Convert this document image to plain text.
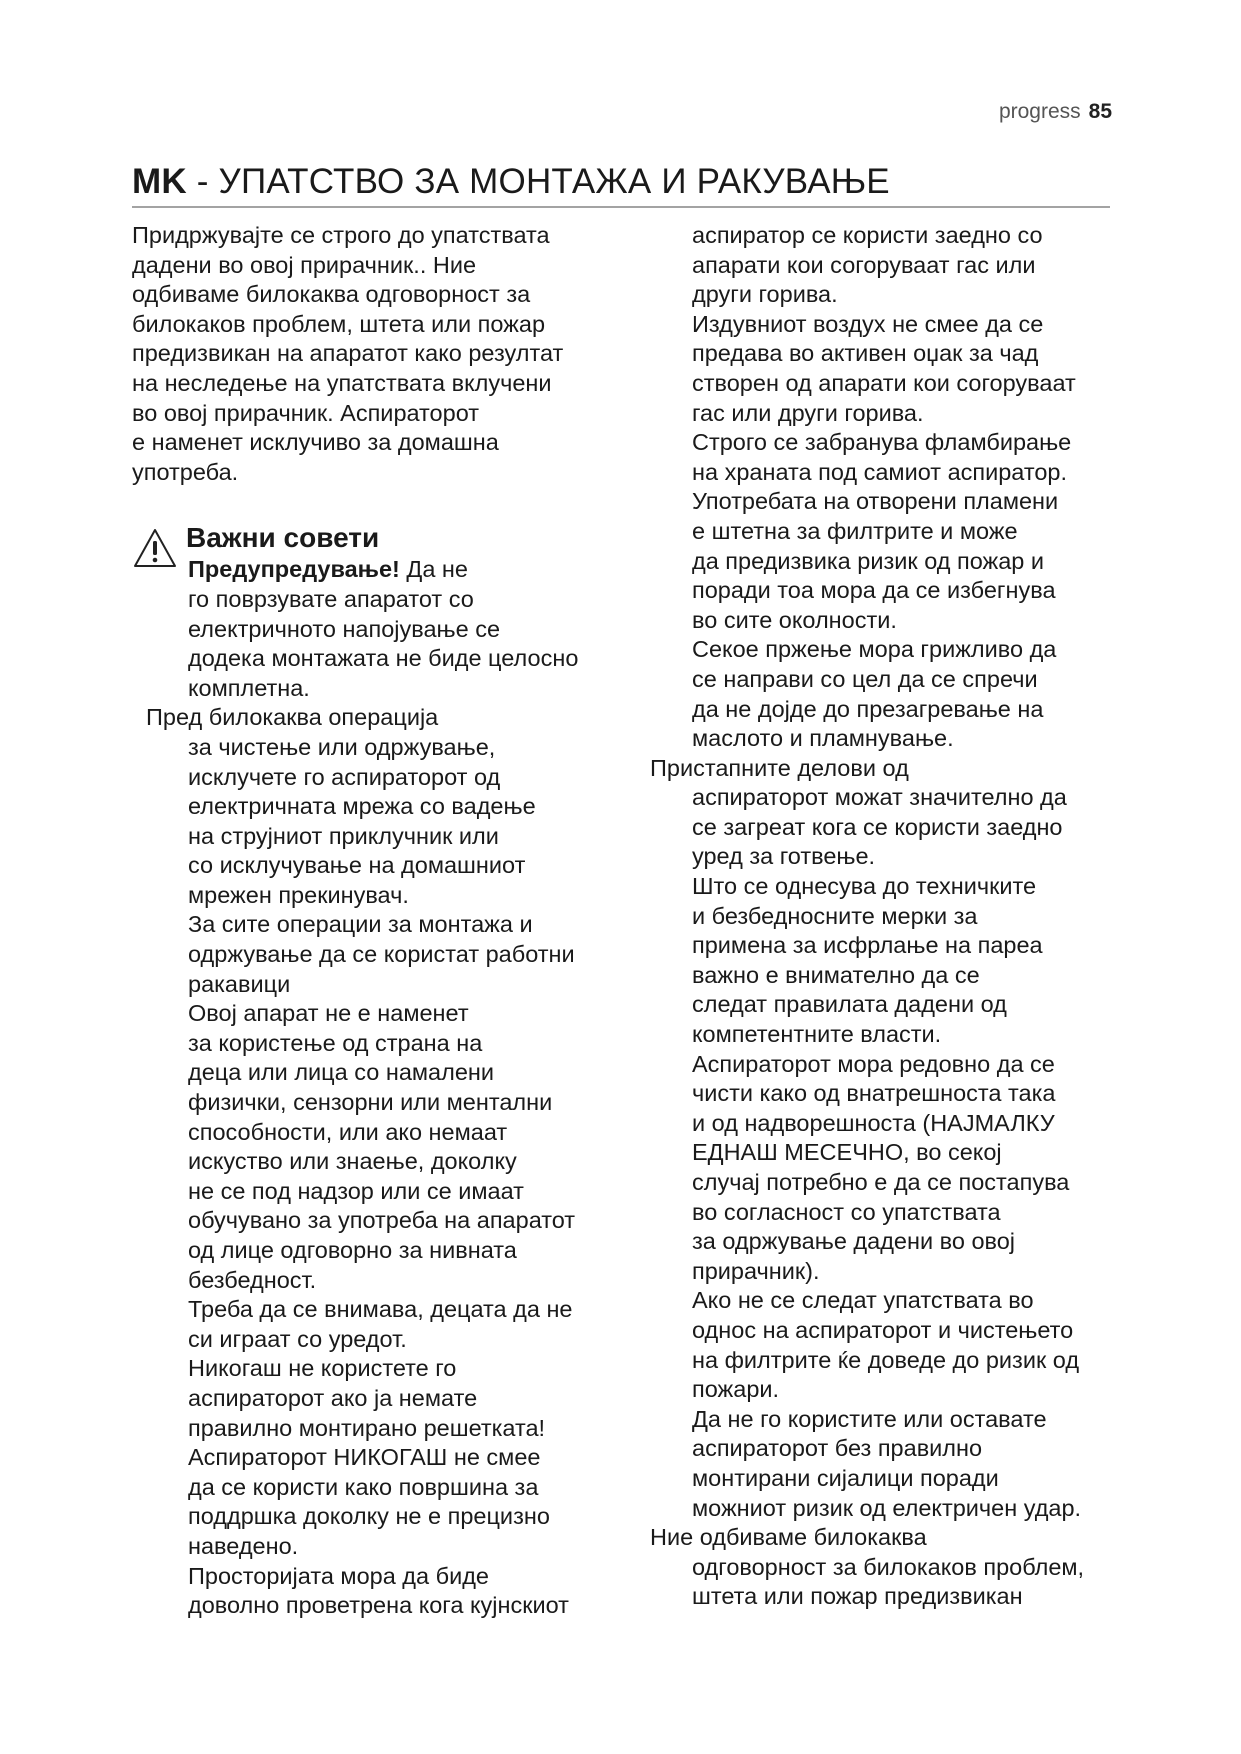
progress 85
MK - УПАТСТВО ЗА МОНТАЖА И РАКУВАЊЕ

Придржувајте се строго до упатствата

дадени во овој прирачник.. Ние

одбиваме билокаква одговорност за

билокаков проблем, штета или пожар

предизвикан на апаратот како резултат

на неследење на упатствата вклучени

во овој прирачник. Аспираторот

е наменет исклучиво за домашна

употреба.

Важни совети

Предупредување! Да не

го поврзувате апаратот со

електричното напојување се

додека монтажата не биде целосно

комплетна.

Пред билокаква операција

за чистење или одржување,

исклучете го аспираторот од

електричната мрежа со вадење

на струјниот приклучник или

со исклучување на домашниот

мрежен прекинувач.

За сите операции за монтажа и

одржување да се користат работни

ракавици

Овој апарат не е наменет

за користење од страна на

деца или лица со намалени

физички, сензорни или ментални

способности, или ако немаат

искуство или знаење, доколку

не се под надзор или се имаат

обучувано за употреба на апаратот

од лице одговорно за нивната

безбедност.

Треба да се внимава, децата да не

си играат со уредот.

Никогаш не користете го

аспираторот ако ја немате

правилно монтирано решетката!

Аспираторот НИКОГАШ не смее

да се користи како површина за

поддршка доколку не е прецизно

наведено.

Просторијата мора да биде

доволно проветрена кога кујнскиот

аспиратор се користи заедно со

апарати кои согоруваат гас или

други горива.

Издувниот воздух не смее да се

предава во активен оџак за чад

створен од апарати кои согоруваат

гас или други горива.

Строго се забранува фламбирање

на храната под самиот аспиратор.

Употребата на отворени пламени

е штетна за филтрите и може

да предизвика ризик од пожар и

поради тоа мора да се избегнува

во сите околности.

Секое пржење мора грижливо да

се направи со цел да се спречи

да не дојде до презагревање на

маслото и пламнување.

Пристапните делови од

аспираторот можат значително да

се загреат кога се користи заедно

уред за готвење.

Што се однесува до техничките

и безбедносните мерки за

примена за исфрлање на пареа

важно е внимателно да се

следат правилата дадени од

компетентните власти.

Аспираторот мора редовно да се

чисти како од внатрешноста така

и од надворешноста (НАЈМАЛКУ

ЕДНАШ МЕСЕЧНО, во секој

случај потребно е да се постапува

во согласност со упатствата

за одржување дадени во овој

прирачник).

Ако не се следат упатствата во

однос на аспираторот и чистењето

на филтрите ќе доведе до ризик од

пожари.

Да не го користите или оставате

аспираторот без правилно

монтирани сијалици поради

можниот ризик од електричен удар.

Ние одбиваме билокаква

одговорност за билокаков проблем,

штета или пожар предизвикан
